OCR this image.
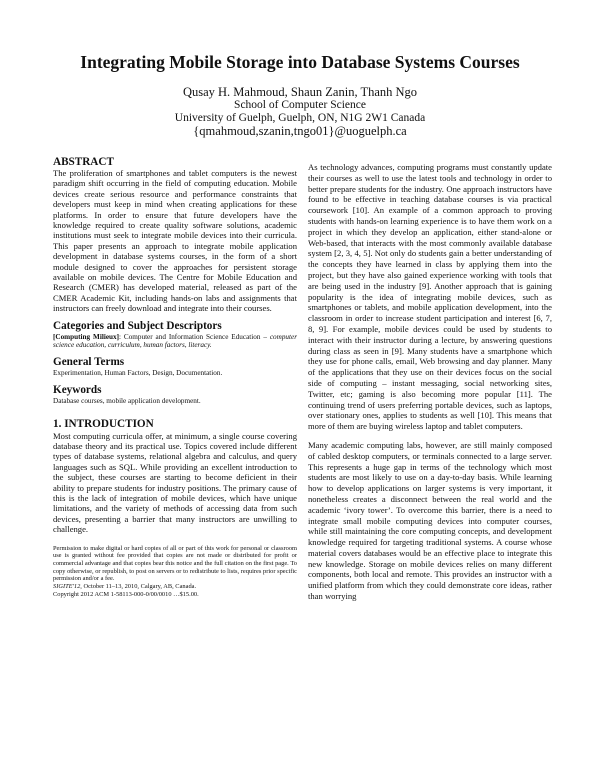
Integrating Mobile Storage into Database Systems Courses
Qusay H. Mahmoud, Shaun Zanin, Thanh Ngo
School of Computer Science
University of Guelph, Guelph, ON, N1G 2W1 Canada
{qmahmoud,szanin,tngo01}@uoguelph.ca
ABSTRACT

The proliferation of smartphones and tablet computers is the newest paradigm shift occurring in the field of computing education. Mobile devices create serious resource and performance constraints that developers must keep in mind when creating applications for these platforms. In order to ensure that future developers have the knowledge required to create quality software solutions, academic institutions must seek to integrate mobile devices into their curricula. This paper presents an approach to integrate mobile application development in database systems courses, in the form of a short module designed to cover the approaches for persistent storage available on mobile devices. The Centre for Mobile Education and Research (CMER) has developed material, released as part of the CMER Academic Kit, including hands-on labs and assignments that instructors can freely download and integrate into their courses.

Categories and Subject Descriptors

[Computing Milieux]: Computer and Information Science Education – computer science education, curriculum, human factors, literacy.

General Terms

Experimentation, Human Factors, Design, Documentation.

Keywords

Database courses, mobile application development.

1. INTRODUCTION

Most computing curricula offer, at minimum, a single course covering database theory and its practical use. Topics covered include different types of database systems, relational algebra and calculus, and query languages such as SQL. While providing an excellent introduction to the subject, these courses are starting to become deficient in their ability to prepare students for industry positions. The primary cause of this is the lack of integration of mobile devices, which have unique limitations, and the variety of methods of accessing data from such devices, presenting a barrier that many instructors are unwilling to challenge.

Permission to make digital or hard copies of all or part of this work for personal or classroom use is granted without fee provided that copies are not made or distributed for profit or commercial advantage and that copies bear this notice and the full citation on the first page. To copy otherwise, or republish, to post on servers or to redistribute to lists, requires prior specific permission and/or a fee.
SIGITE'12, October 11–13, 2010, Calgary, AB, Canada.
Copyright 2012 ACM 1-58113-000-0/00/0010 …$15.00.

As technology advances, computing programs must constantly update their courses as well to use the latest tools and technology in order to better prepare students for the industry. One approach instructors have found to be effective in teaching database courses is via practical coursework [10]. An example of a common approach to proving students with hands-on learning experience is to have them work on a project in which they develop an application, either stand-alone or Web-based, that interacts with the most commonly available database system [2, 3, 4, 5]. Not only do students gain a better understanding of the concepts they have learned in class by applying them into the project, but they have also gained experience working with tools that are being used in the industry [9]. Another approach that is gaining popularity is the idea of integrating mobile devices, such as smartphones or tablets, and mobile application development, into the classroom in order to increase student participation and interest [6, 7, 8, 9]. For example, mobile devices could be used by students to interact with their instructor during a lecture, by answering questions during class as seen in [9]. Many students have a smartphone which they use for phone calls, email, Web browsing and day planner. Many of the applications that they use on their devices focus on the social side of computing – instant messaging, social networking sites, Twitter, etc; gaming is also becoming more popular [11]. The continuing trend of users preferring portable devices, such as laptops, over stationary ones, applies to students as well [10]. This means that more of them are buying wireless laptop and tablet computers.

Many academic computing labs, however, are still mainly composed of cabled desktop computers, or terminals connected to a large server. This represents a huge gap in terms of the technology which most students are most likely to use on a day-to-day basis. While learning how to develop applications on larger systems is very important, it nonetheless creates a disconnect between the real world and the academic ‘ivory tower’. To overcome this barrier, there is a need to integrate small mobile computing devices into computer courses, while still maintaining the core computing concepts, and development knowledge required for targeting traditional systems. A course whose material covers databases would be an effective place to integrate this new knowledge. Storage on mobile devices relies on many different components, both local and remote. This provides an instructor with a unified platform from which they could demonstrate core ideas, rather than worrying
